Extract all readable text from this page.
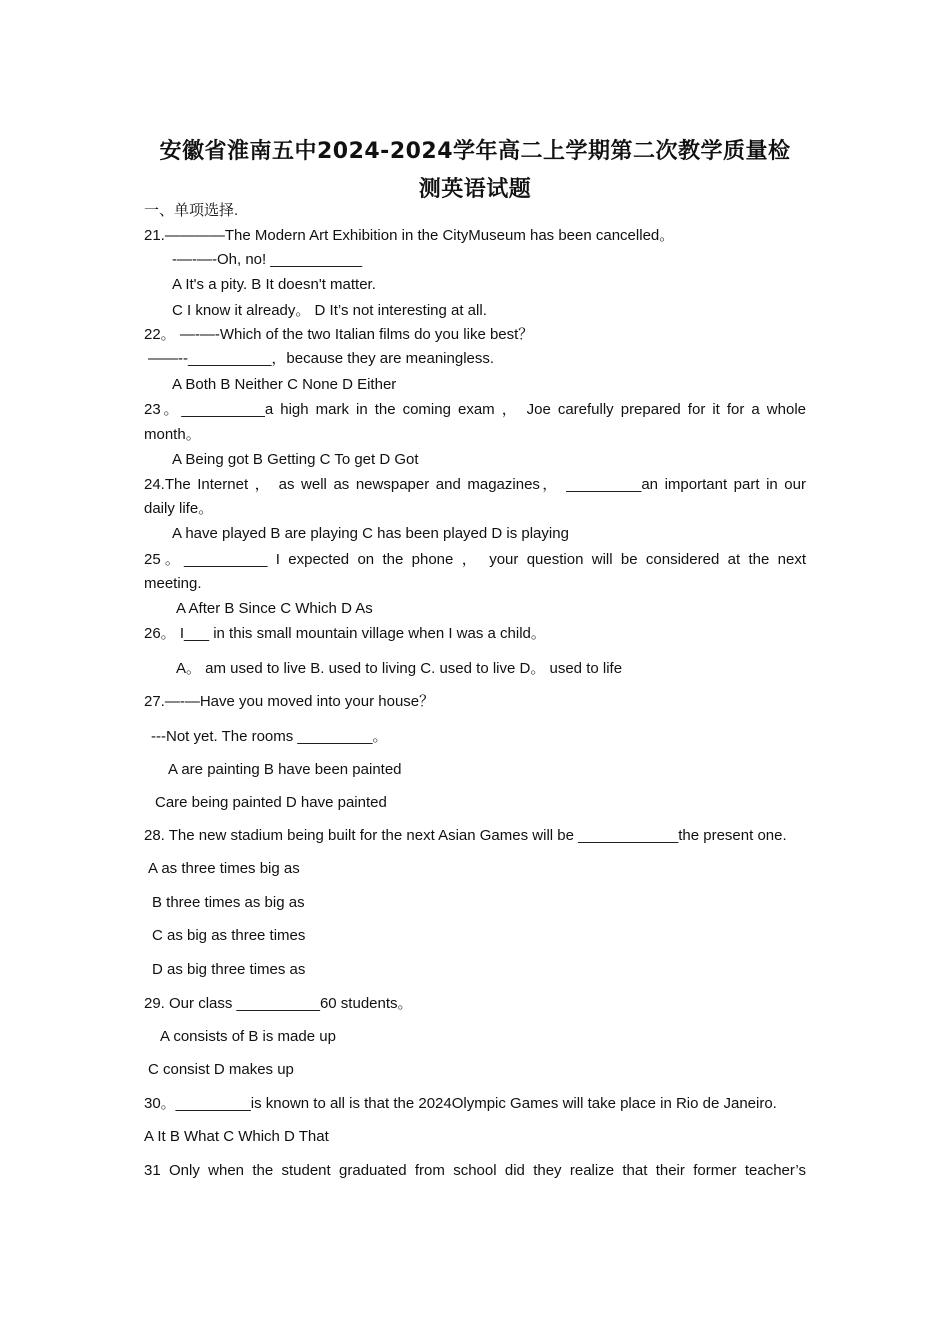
安徽省淮南五中2024-2024学年高二上学期第二次教学质量检
测英语试题
一、单项选择.
21.————The Modern Art Exhibition in the CityMuseum has been cancelled。
-—-—-Oh, no! ___________
A It's a pity. B It doesn't matter.
C I know it already。 D It’s not interesting at all.
22。 —-—-Which of the two Italian films do you like best？
——--__________，because they are meaningless.
A Both B Neither C None D Either
23。__________a high mark in the coming exam ， Joe carefully prepared for it for a whole
month。
A Being got B Getting C To get D Got
24.The Internet ， as well as newspaper and magazines， _________an important part in our
daily life。
A have played B are playing C has been played D is playing
25。__________ I expected on the phone ， your question will be considered at the next
meeting.
A After B Since C Which D As
26。 I___ in this small mountain village when I was a child。
A。 am used to live B. used to living C. used to live D。 used to life
27.—-—Have you moved into your house？
---Not yet. The rooms _________。
A are painting B have been painted
Care being painted D have painted
28. The new stadium being built for the next Asian Games will be ____________the present one.
A as three times big as
B three times as big as
C as big as three times
D as big three times as
29. Our class __________60 students。
A consists of B is made up
C consist D makes up
30。_________is known to all is that the 2024Olympic Games will take place in Rio de Janeiro.
A It B What C Which D That
31 Only when the student graduated from school did they realize that their former teacher’s
